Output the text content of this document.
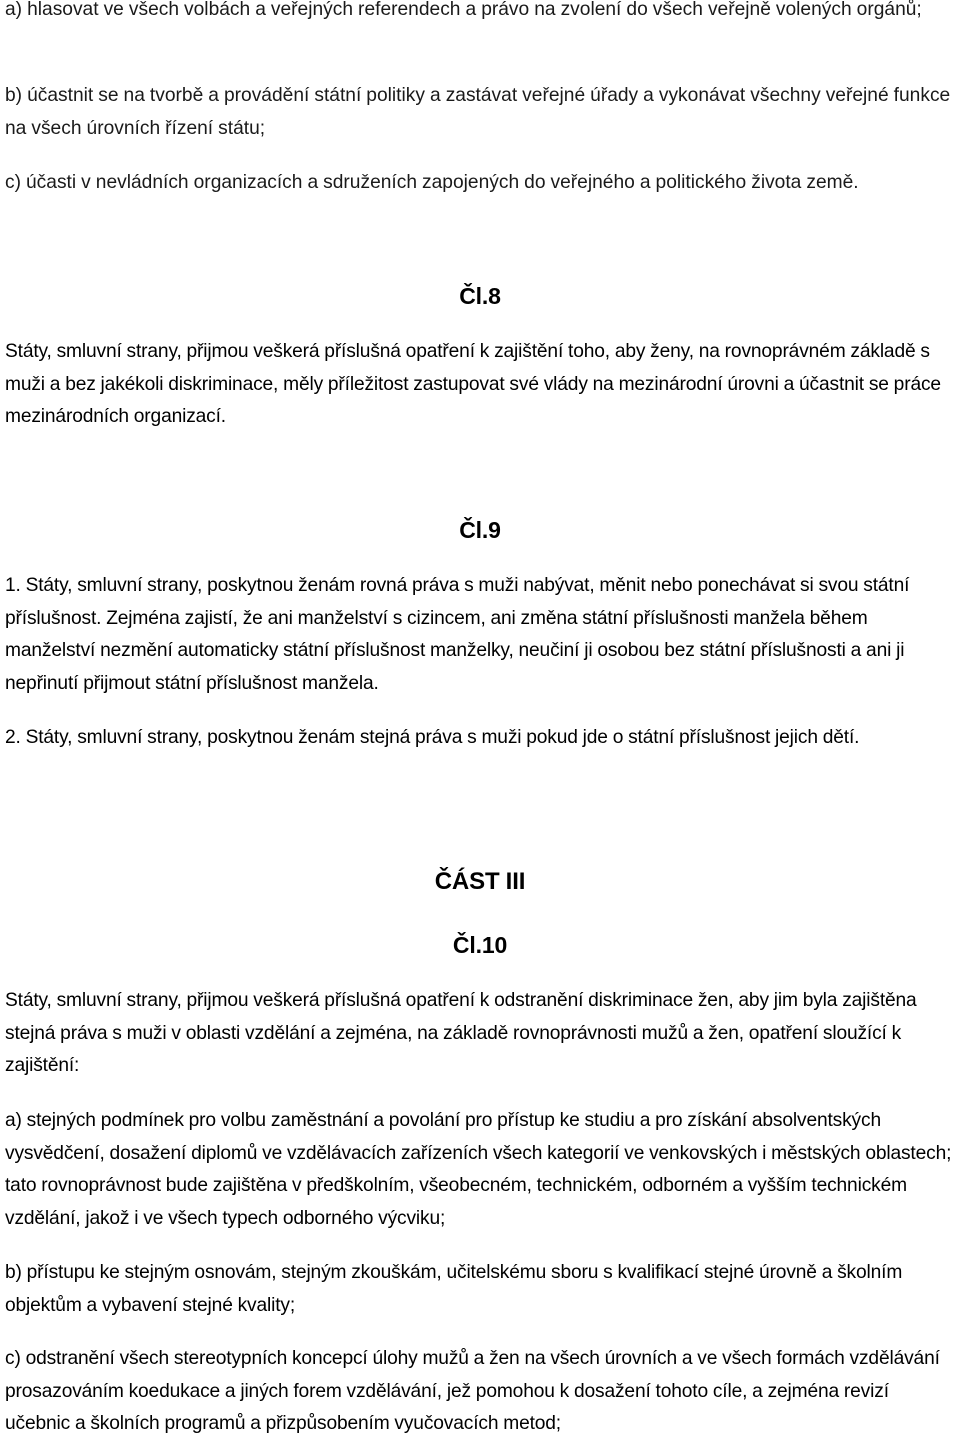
a) hlasovat ve všech volbách a veřejných referendech a právo na zvolení do všech veřejně volených orgánů;

b) účastnit se na tvorbě a provádění státní politiky a zastávat veřejné úřady a vykonávat všechny veřejné funkce na všech úrovních řízení státu;

c) účasti v nevládních organizacích a sdruženích zapojených do veřejného a politického života země.

Čl.8

Státy, smluvní strany, přijmou veškerá příslušná opatření k zajištění toho, aby ženy, na rovnoprávném základě s muži a bez jakékoli diskriminace, měly příležitost zastupovat své vlády na mezinárodní úrovni a účastnit se práce mezinárodních organizací.

Čl.9

1. Státy, smluvní strany, poskytnou ženám rovná práva s muži nabývat, měnit nebo ponechávat si svou státní příslušnost. Zejména zajistí, že ani manželství s cizincem, ani změna státní příslušnosti manžela během manželství nezmění automaticky státní příslušnost manželky, neučiní ji osobou bez státní příslušnosti a ani ji nepřinutí přijmout státní příslušnost manžela.

2. Státy, smluvní strany, poskytnou ženám stejná práva s muži pokud jde o státní příslušnost jejich dětí.

ČÁST III
Čl.10

Státy, smluvní strany, přijmou veškerá příslušná opatření k odstranění diskriminace žen, aby jim byla zajištěna stejná práva s muži v oblasti vzdělání a zejména, na základě rovnoprávnosti mužů a žen, opatření sloužící k zajištění:

a) stejných podmínek pro volbu zaměstnání a povolání pro přístup ke studiu a pro získání absolventských vysvědčení, dosažení diplomů ve vzdělávacích zařízeních všech kategorií ve venkovských i městských oblastech; tato rovnoprávnost bude zajištěna v předškolním, všeobecném, technickém, odborném a vyšším technickém vzdělání, jakož i ve všech typech odborného výcviku;

b) přístupu ke stejným osnovám, stejným zkouškám, učitelskému sboru s kvalifikací stejné úrovně a školním objektům a vybavení stejné kvality;

c) odstranění všech stereotypních koncepcí úlohy mužů a žen na všech úrovních a ve všech formách vzdělávání prosazováním koedukace a jiných forem vzdělávání, jež pomohou k dosažení tohoto cíle, a zejména revizí učebnic a školních programů a přizpůsobením vyučovacích metod;
